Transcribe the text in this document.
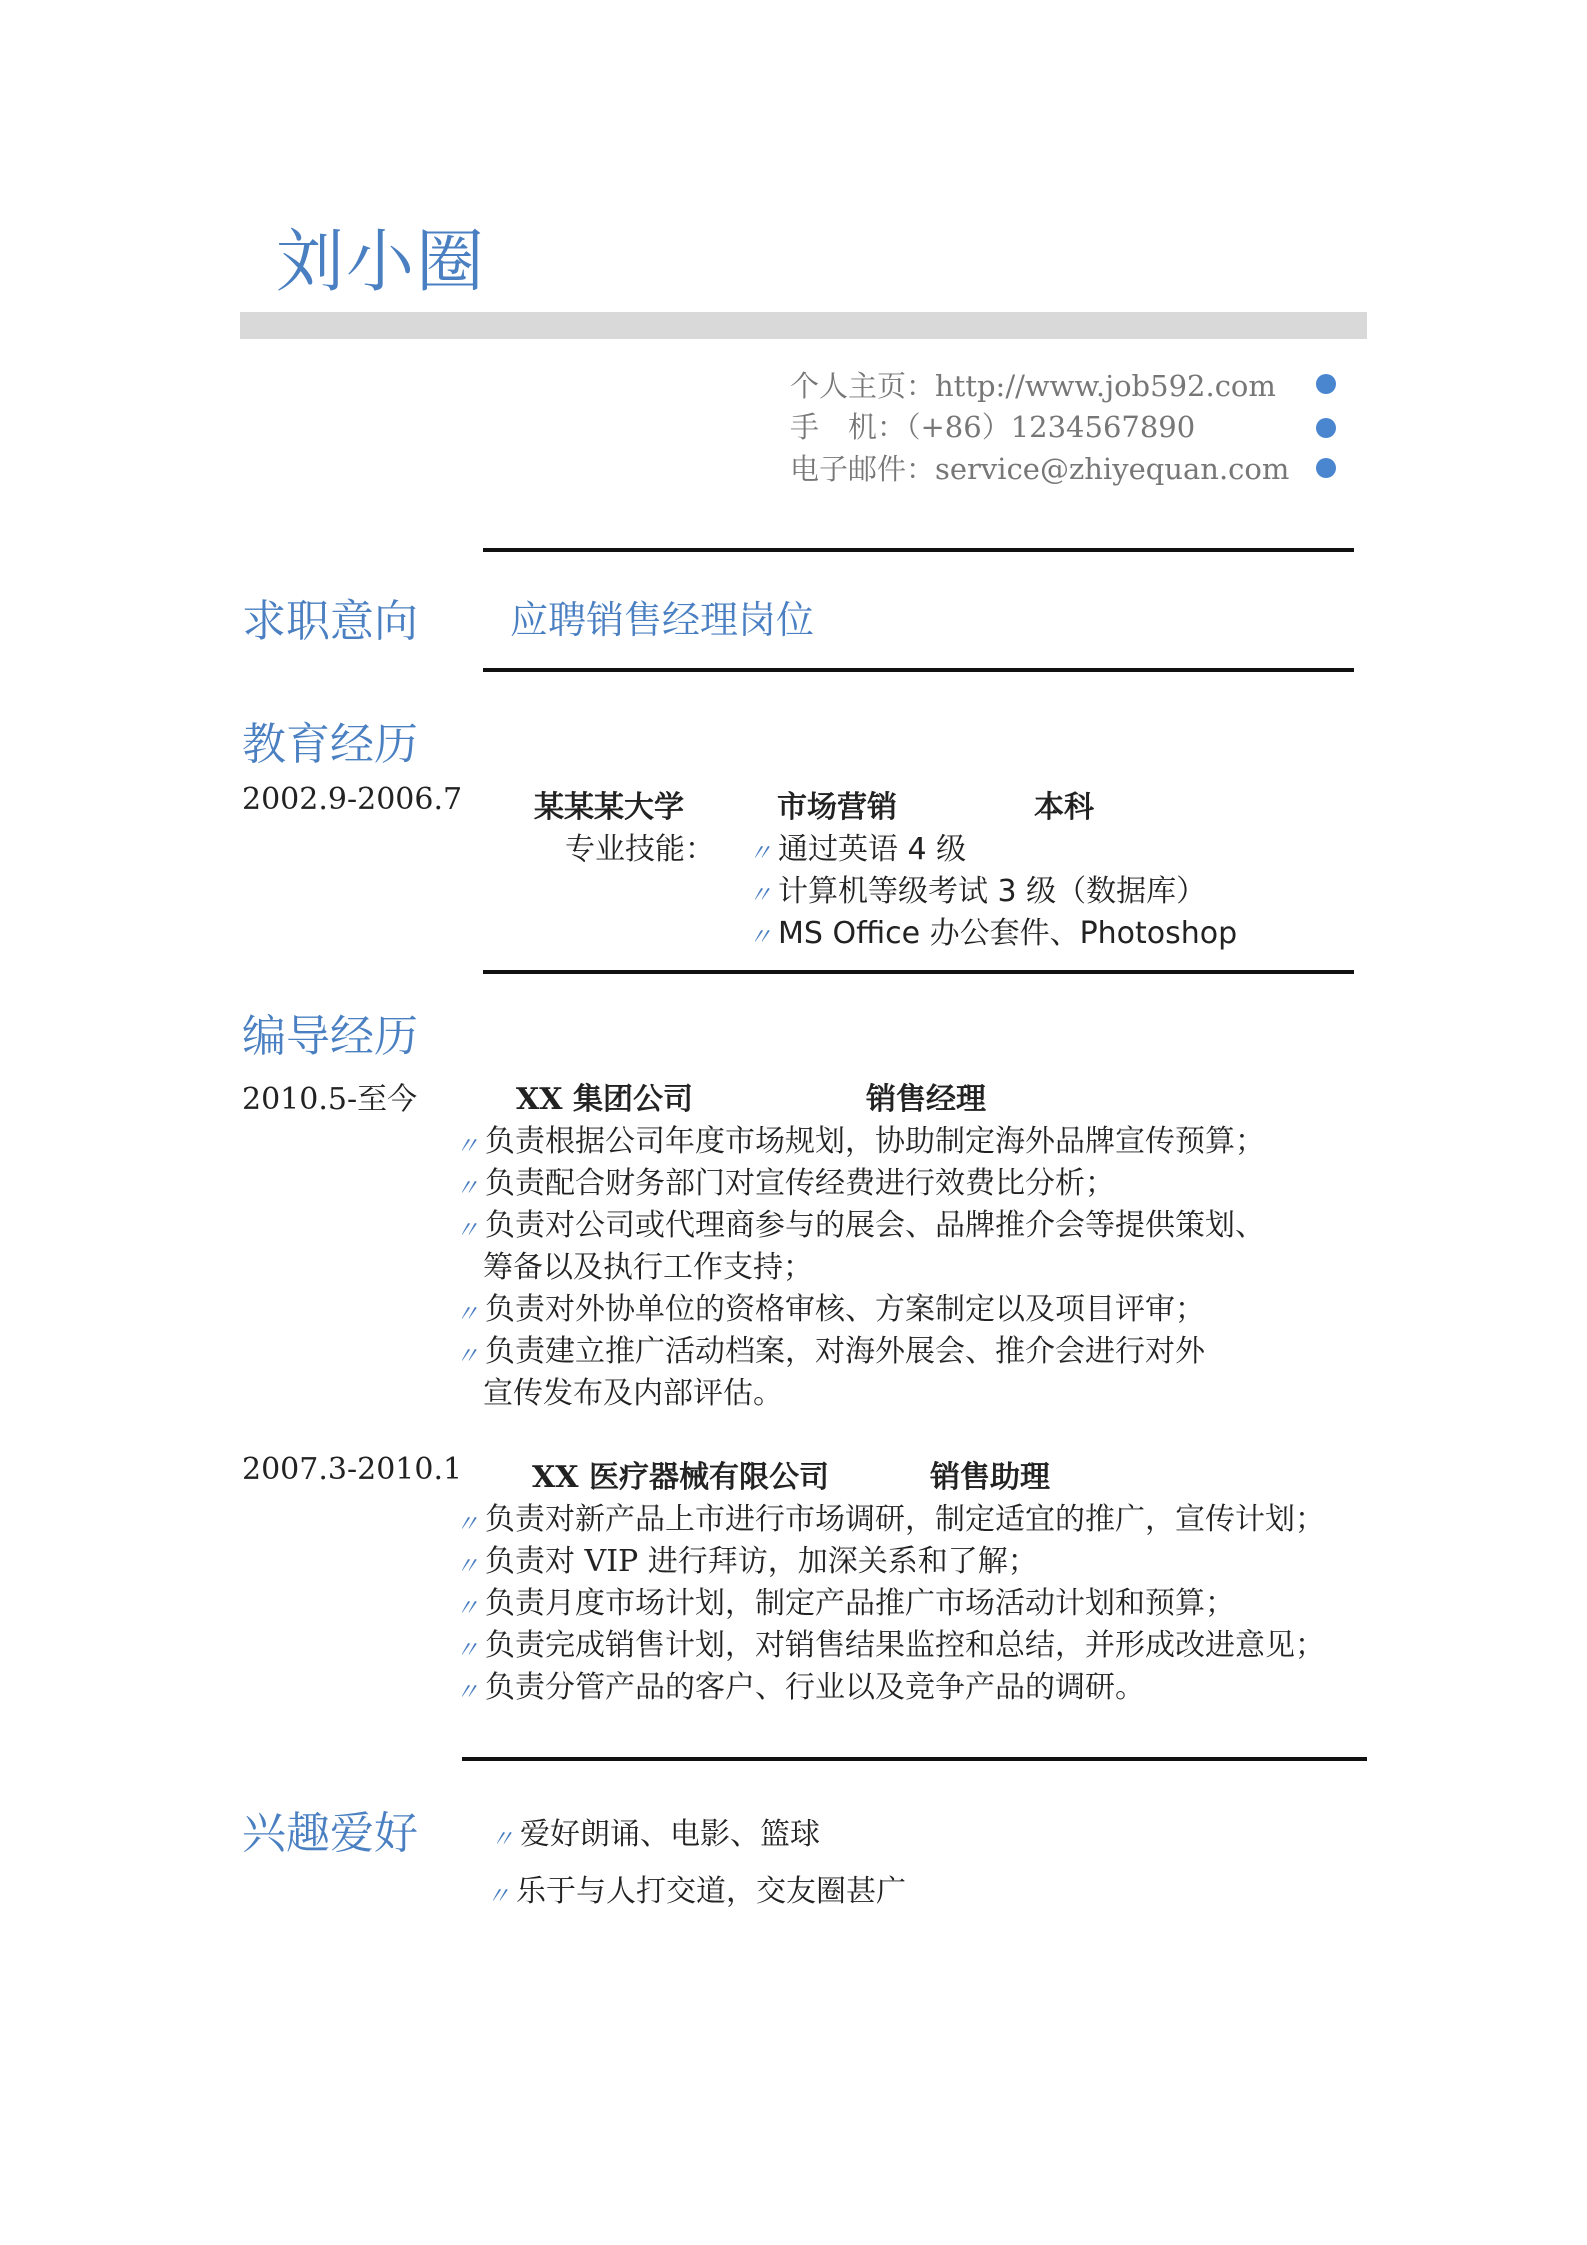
刘小圈
个人主页：http://www.job592.com
手　机：（+86）1234567890
电子邮件：service@zhiyequan.com
求职意向 应聘销售经理岗位
教育经历
2002.9-2006.7 某某某大学	市场营销	本科
专业技能： 〃 通过英语 4 级
〃 计算机等级考试 3 级（数据库）
〃 MS Office 办公套件、Photoshop
编导经历
2010.5-至今	XX 集团公司	销售经理
〃 负责根据公司年度市场规划，协助制定海外品牌宣传预算；
〃 负责配合财务部门对宣传经费进行效费比分析；
〃 负责对公司或代理商参与的展会、品牌推介会等提供策划、
筹备以及执行工作支持；
〃 负责对外协单位的资格审核、方案制定以及项目评审；
〃 负责建立推广活动档案，对海外展会、推介会进行对外
宣传发布及内部评估。
2007.3-2010.1 XX 医疗器械有限公司	销售助理
〃 负责对新产品上市进行市场调研，制定适宜的推广，宣传计划；
〃 负责对 VIP 进行拜访，加深关系和了解；
〃 负责月度市场计划，制定产品推广市场活动计划和预算；
〃 负责完成销售计划，对销售结果监控和总结，并形成改进意见；
〃 负责分管产品的客户、行业以及竞争产品的调研。
兴趣爱好	〃 爱好朗诵、电影、篮球
〃 乐于与人打交道，交友圈甚广
